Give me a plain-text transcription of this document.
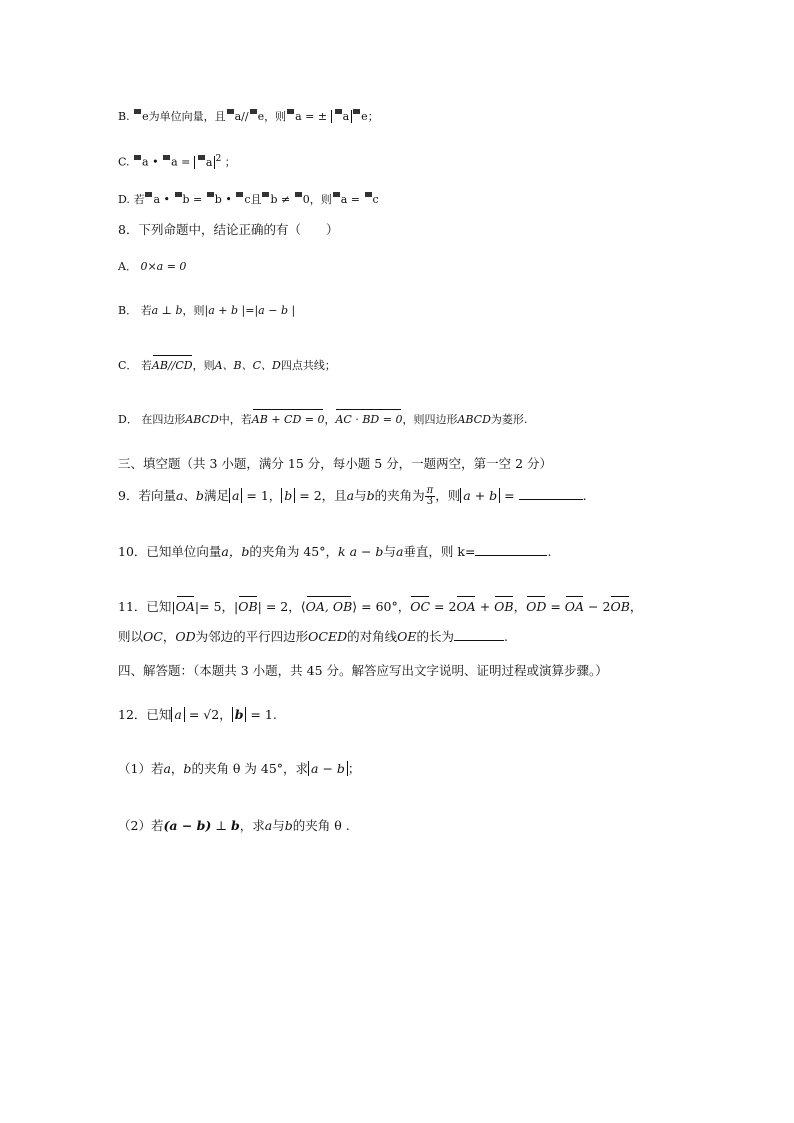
B. e为单位向量，且 a// e，则 a = ± a e；
C. a • a = a $^2$ ；
D. 若 a • b = b • c且 b ≠ 0，则 a = c
8．下列命题中，结论正确的有（　　）
A． 0×a = 0
B． 若a ⊥ b，则|a + b |=|a − b |
C． 若AB//CD，则A、B、C、D四点共线；
D． 在四边形ABCD中，若AB + CD = 0，AC · BD = 0，则四边形ABCD为菱形.
三、填空题（共 3 小题，满分 15 分，每小题 5 分，一题两空，第一空 2 分）
9．若向量a、b满足 a = 1， b = 2，且a与b的夹角为 $\frac{\pi}{3}$ ，则 a + b =	.
10．已知单位向量a，b的夹角为 45°，k a − b与a垂直，则 k=	.
11．已知|OA|= 5，|OB| = 2，⟨OA, OB⟩ = 60°，OC = 2OA + OB，OD = OA − 2OB，
则以OC，OD为邻边的平行四边形OCED的对角线OE的长为	.
四、解答题：（本题共 3 小题，共 45 分。解答应写出文字说明、证明过程或演算步骤。）
12．已知 a = √2， b = 1.
（1）若a，b的夹角 θ 为 45°，求 a − b ；
（2）若(a − b) ⊥ b，求a与b的夹角 θ .
